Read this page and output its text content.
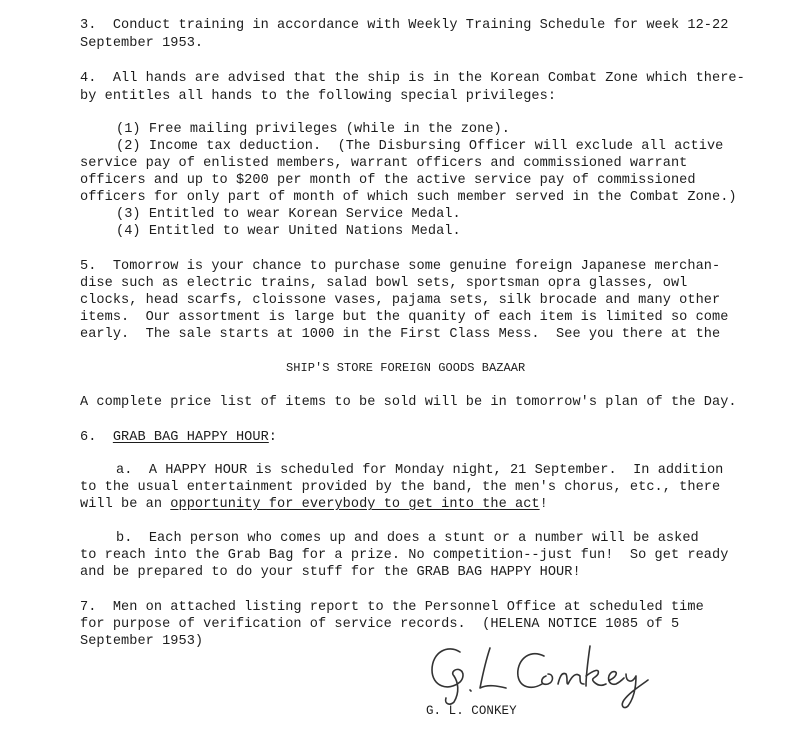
3.  Conduct training in accordance with Weekly Training Schedule for week 12-22
September 1953.
4.  All hands are advised that the ship is in the Korean Combat Zone which there-
by entitles all hands to the following special privileges:
(1) Free mailing privileges (while in the zone).
(2) Income tax deduction.  (The Disbursing Officer will exclude all active
service pay of enlisted members, warrant officers and commissioned warrant
officers and up to $200 per month of the active service pay of commissioned
officers for only part of month of which such member served in the Combat Zone.)
(3) Entitled to wear Korean Service Medal.
(4) Entitled to wear United Nations Medal.
5.  Tomorrow is your chance to purchase some genuine foreign Japanese merchan-
dise such as electric trains, salad bowl sets, sportsman opra glasses, owl
clocks, head scarfs, cloissone vases, pajama sets, silk brocade and many other
items.  Our assortment is large but the quanity of each item is limited so come
early.  The sale starts at 1000 in the First Class Mess.  See you there at the
SHIP'S STORE FOREIGN GOODS BAZAAR
A complete price list of items to be sold will be in tomorrow's plan of the Day.
6.  GRAB BAG HAPPY HOUR:
a.  A HAPPY HOUR is scheduled for Monday night, 21 September.  In addition
to the usual entertainment provided by the band, the men's chorus, etc., there
will be an opportunity for everybody to get into the act!
b.  Each person who comes up and does a stunt or a number will be asked
to reach into the Grab Bag for a prize. No competition--just fun!  So get ready
and be prepared to do your stuff for the GRAB BAG HAPPY HOUR!
7.  Men on attached listing report to the Personnel Office at scheduled time
for purpose of verification of service records.  (HELENA NOTICE 1085 of 5
September 1953)
G. L. CONKEY
